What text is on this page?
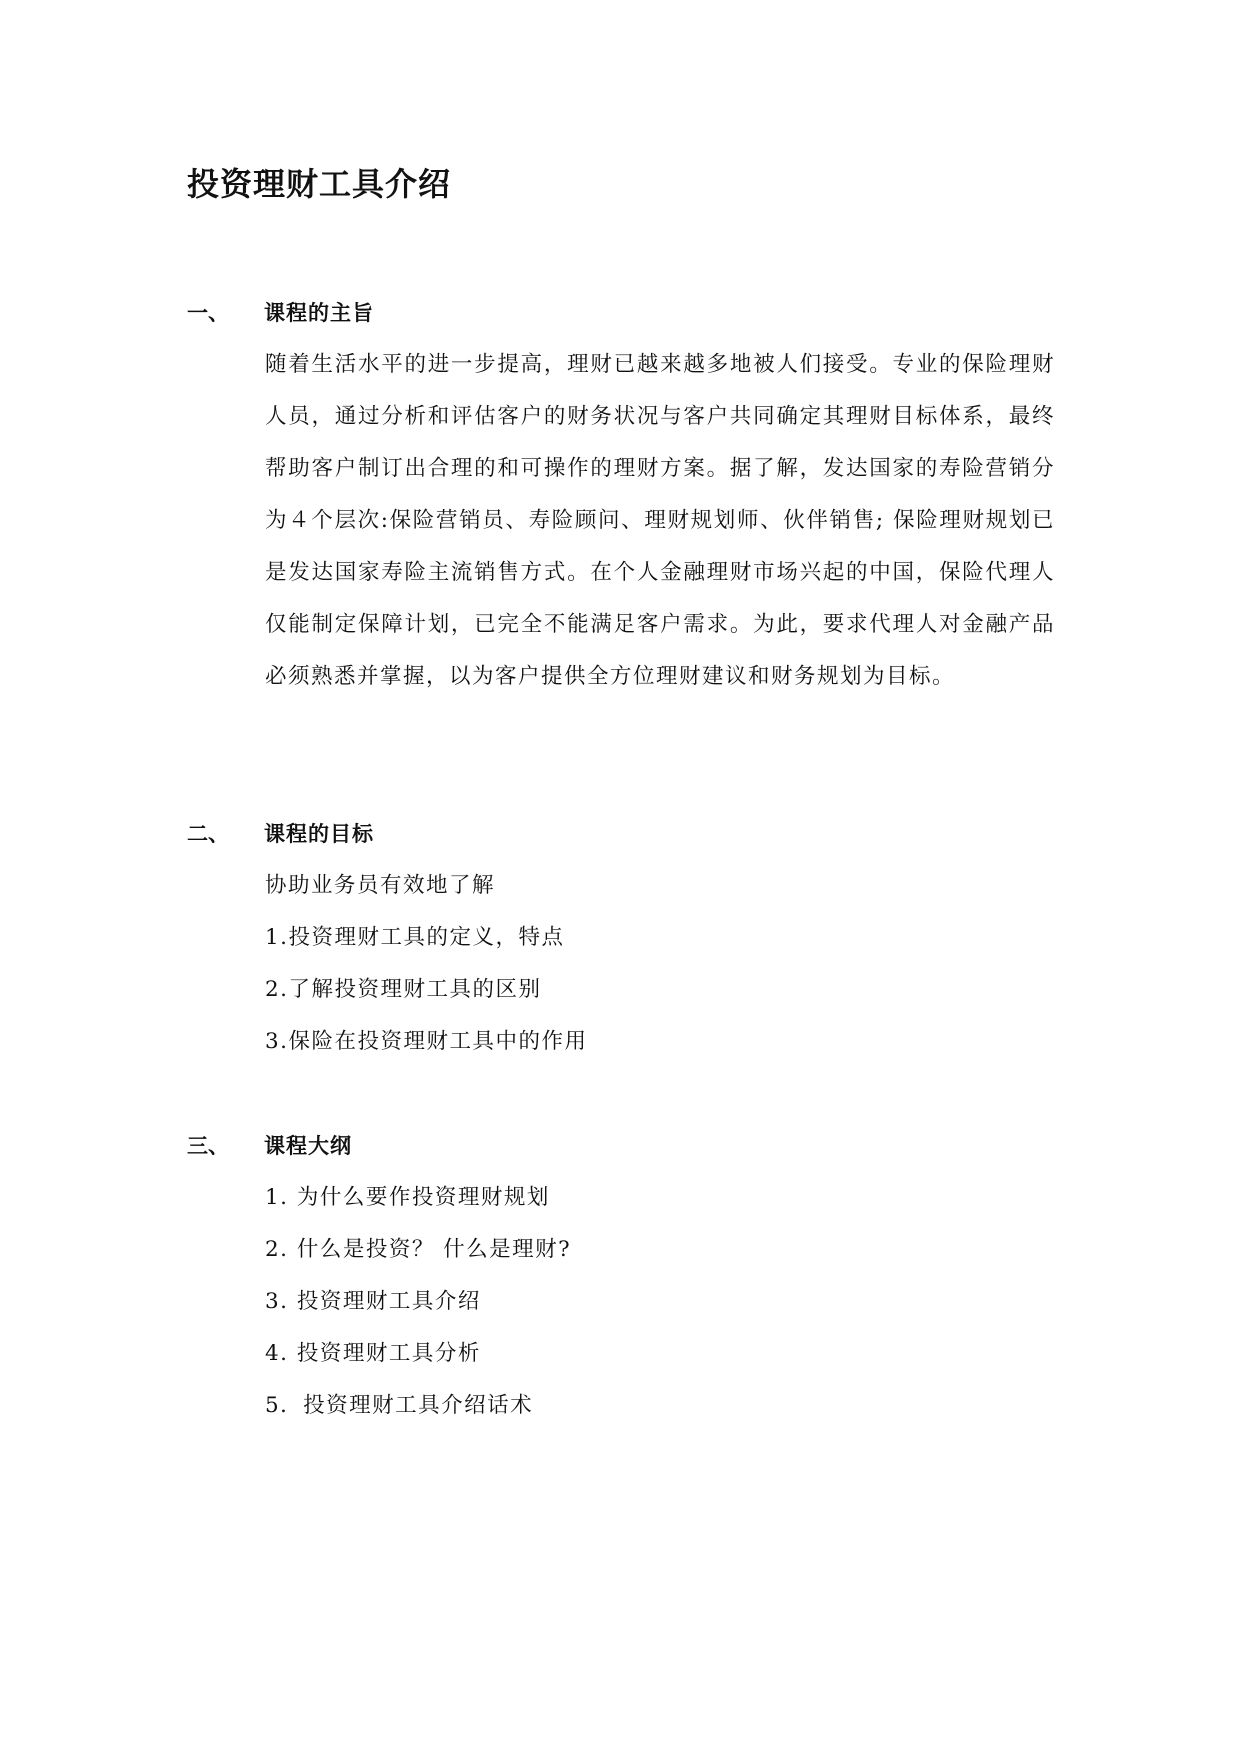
投资理财工具介绍
一、 课程的主旨

随着生活水平的进一步提高，理财已越来越多地被人们接受。专业的保险理财人员，通过分析和评估客户的财务状况与客户共同确定其理财目标体系，最终帮助客户制订出合理的和可操作的理财方案。据了解，发达国家的寿险营销分为４个层次:保险营销员、寿险顾问、理财规划师、伙伴销售; 保险理财规划已是发达国家寿险主流销售方式。在个人金融理财市场兴起的中国，保险代理人仅能制定保障计划，已完全不能满足客户需求。为此，要求代理人对金融产品必须熟悉并掌握，以为客户提供全方位理财建议和财务规划为目标。

二、 课程的目标

协助业务员有效地了解

1.投资理财工具的定义，特点

2.了解投资理财工具的区别

3.保险在投资理财工具中的作用

三、 课程大纲

1. 为什么要作投资理财规划

2. 什么是投资？ 什么是理财?

3. 投资理财工具介绍

4. 投资理财工具分析

5．投资理财工具介绍话术
